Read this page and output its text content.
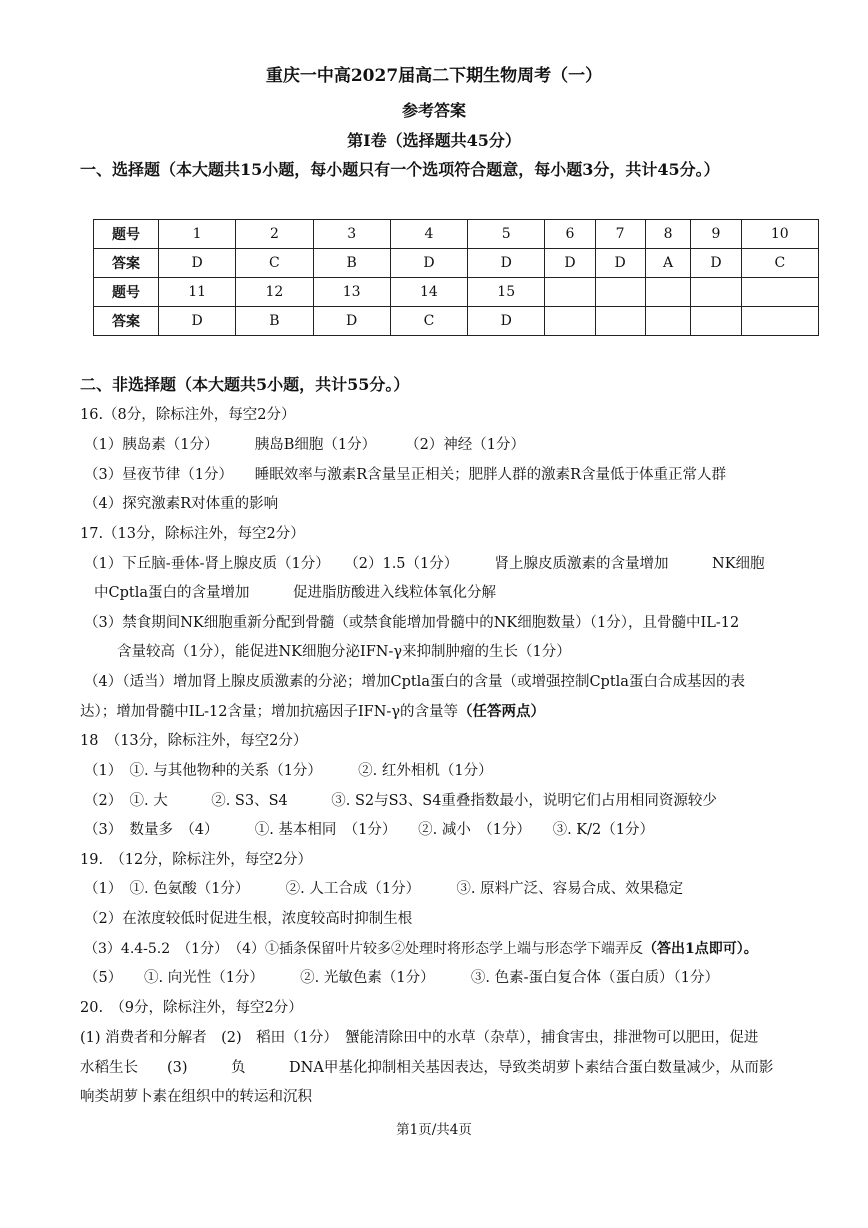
重庆一中高2027届高二下期生物周考（一）
参考答案
第Ⅰ卷（选择题共45分）
一、选择题（本大题共15小题，每小题只有一个选项符合题意，每小题3分，共计45分。）
题号	1	2	3	4	5	6	7	8	9	10
答案	D	C	B	D	D	D	D	A	D	C
题号	11	12	13	14	15					
答案	D	B	D	C	D					
二、非选择题（本大题共5小题，共计55分。）
16.（8分，除标注外，每空2分）
（1）胰岛素（1分）　　　胰岛B细胞（1分）　　　（2）神经（1分）
（3）昼夜节律（1分）　　睡眠效率与激素R含量呈正相关；肥胖人群的激素R含量低于体重正常人群
（4）探究激素R对体重的影响
17.（13分，除标注外，每空2分）
（1）下丘脑-垂体-肾上腺皮质（1分）　　（2）1.5（1分）　　　肾上腺皮质激素的含量增加　　　NK细胞
中Cptla蛋白的含量增加　　　促进脂肪酸进入线粒体氧化分解
（3）禁食期间NK细胞重新分配到骨髓（或禁食能增加骨髓中的NK细胞数量）（1分），且骨髓中IL-12
含量较高（1分），能促进NK细胞分泌IFN-γ来抑制肿瘤的生长（1分）
（4）（适当）增加肾上腺皮质激素的分泌；增加Cptla蛋白的含量（或增强控制Cptla蛋白合成基因的表
达）；增加骨髓中IL-12含量；增加抗癌因子IFN-γ的含量等（任答两点）
18　（13分，除标注外，每空2分）
（1）　①. 与其他物种的关系（1分）　　　②. 红外相机（1分）
（2）　①. 大　　　②. S3、S4　　　③. S2与S3、S4重叠指数最小，说明它们占用相同资源较少
（3）　数量多　（4）　　　①. 基本相同　（1分）　　②. 减小　（1分）　　③. K/2（1分）
19.　（12分，除标注外，每空2分）
（1）　①. 色氨酸（1分）　　　②. 人工合成（1分）　　　③. 原料广泛、容易合成、效果稳定
（2）在浓度较低时促进生根，浓度较高时抑制生根
（3）4.4-5.2　（1分）　（4）①插条保留叶片较多②处理时将形态学上端与形态学下端弄反（答出1点即可）。
（5）　　①. 向光性（1分）　　　②. 光敏色素（1分）　　　③. 色素-蛋白复合体（蛋白质）（1分）
20.　（9分，除标注外，每空2分）
(1) 消费者和分解者　(2)　稻田（1分）　蟹能清除田中的水草（杂草），捕食害虫，排泄物可以肥田，促进
水稻生长　　(3)　　　负　　　DNA甲基化抑制相关基因表达，导致类胡萝卜素结合蛋白数量减少，从而影
响类胡萝卜素在组织中的转运和沉积
第1页/共4页
